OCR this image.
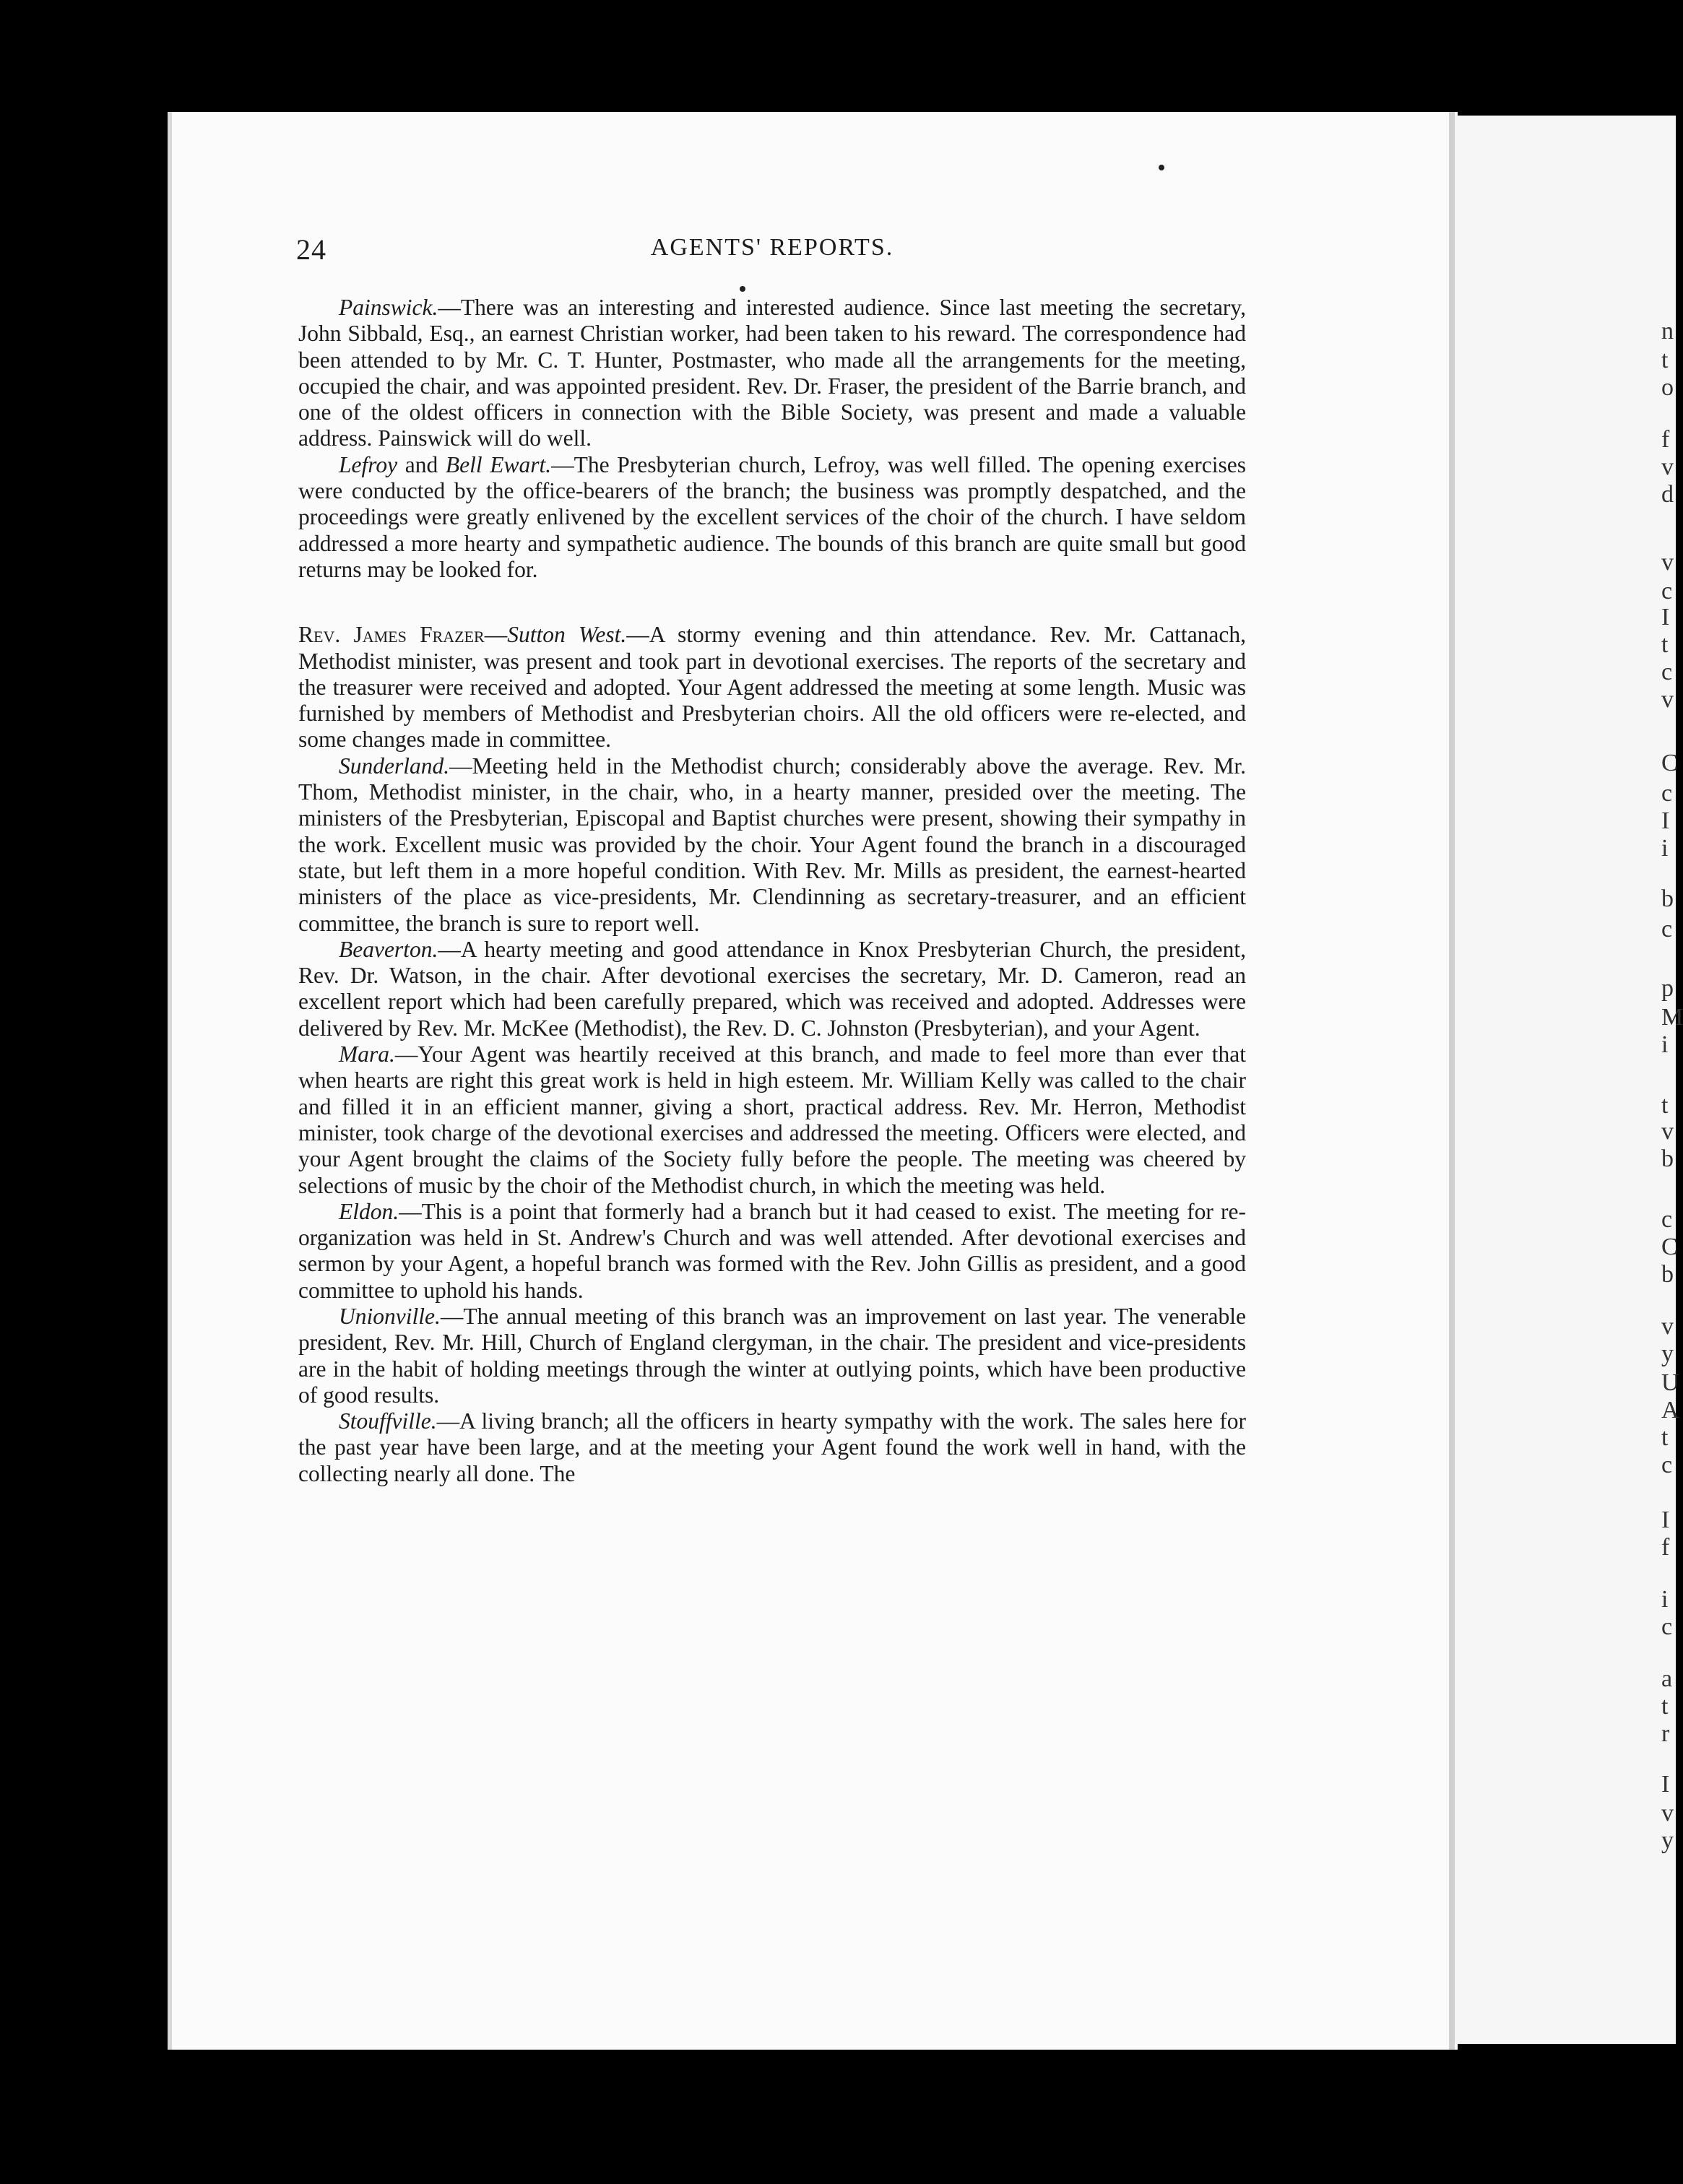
24	AGENTS' REPORTS.

Painswick.—There was an interesting and interested audience. Since last meeting the secretary, John Sibbald, Esq., an earnest Christian worker, had been taken to his reward. The correspondence had been attended to by Mr. C. T. Hunter, Postmaster, who made all the arrangements for the meeting, occupied the chair, and was appointed president. Rev. Dr. Fraser, the president of the Barrie branch, and one of the oldest officers in connection with the Bible Society, was present and made a valuable address. Painswick will do well.

Lefroy and Bell Ewart.—The Presbyterian church, Lefroy, was well filled. The opening exercises were conducted by the office-bearers of the branch; the business was promptly despatched, and the proceedings were greatly enlivened by the excellent services of the choir of the church. I have seldom addressed a more hearty and sympathetic audience. The bounds of this branch are quite small but good returns may be looked for.

Rev. James Frazer—Sutton West.—A stormy evening and thin attendance. Rev. Mr. Cattanach, Methodist minister, was present and took part in devotional exercises. The reports of the secretary and the treasurer were received and adopted. Your Agent addressed the meeting at some length. Music was furnished by members of Methodist and Presbyterian choirs. All the old officers were re-elected, and some changes made in committee.

Sunderland.—Meeting held in the Methodist church; considerably above the average. Rev. Mr. Thom, Methodist minister, in the chair, who, in a hearty manner, presided over the meeting. The ministers of the Presbyterian, Episcopal and Baptist churches were present, showing their sympathy in the work. Excellent music was provided by the choir. Your Agent found the branch in a discouraged state, but left them in a more hopeful condition. With Rev. Mr. Mills as president, the earnest-hearted ministers of the place as vice-presidents, Mr. Clendinning as secretary-treasurer, and an efficient committee, the branch is sure to report well.

Beaverton.—A hearty meeting and good attendance in Knox Presbyterian Church, the president, Rev. Dr. Watson, in the chair. After devotional exercises the secretary, Mr. D. Cameron, read an excellent report which had been carefully prepared, which was received and adopted. Addresses were delivered by Rev. Mr. McKee (Methodist), the Rev. D. C. Johnston (Presbyterian), and your Agent.

Mara.—Your Agent was heartily received at this branch, and made to feel more than ever that when hearts are right this great work is held in high esteem. Mr. William Kelly was called to the chair and filled it in an efficient manner, giving a short, practical address. Rev. Mr. Herron, Methodist minister, took charge of the devotional exercises and addressed the meeting. Officers were elected, and your Agent brought the claims of the Society fully before the people. The meeting was cheered by selections of music by the choir of the Methodist church, in which the meeting was held.

Eldon.—This is a point that formerly had a branch but it had ceased to exist. The meeting for re-organization was held in St. Andrew's Church and was well attended. After devotional exercises and sermon by your Agent, a hopeful branch was formed with the Rev. John Gillis as president, and a good committee to uphold his hands.

Unionville.—The annual meeting of this branch was an improvement on last year. The venerable president, Rev. Mr. Hill, Church of England clergyman, in the chair. The president and vice-presidents are in the habit of holding meetings through the winter at outlying points, which have been productive of good results.

Stouffville.—A living branch; all the officers in hearty sympathy with the work. The sales here for the past year have been large, and at the meeting your Agent found the work well in hand, with the collecting nearly all done. The

n
t
o
f
v
d
v
c
I
t
c
v
C
c
I
i
b
c
p
M
i
t
v
b
c
C
b
v
y
U
A
t
c
I
f
i
c
a
t
r
I
v
y
